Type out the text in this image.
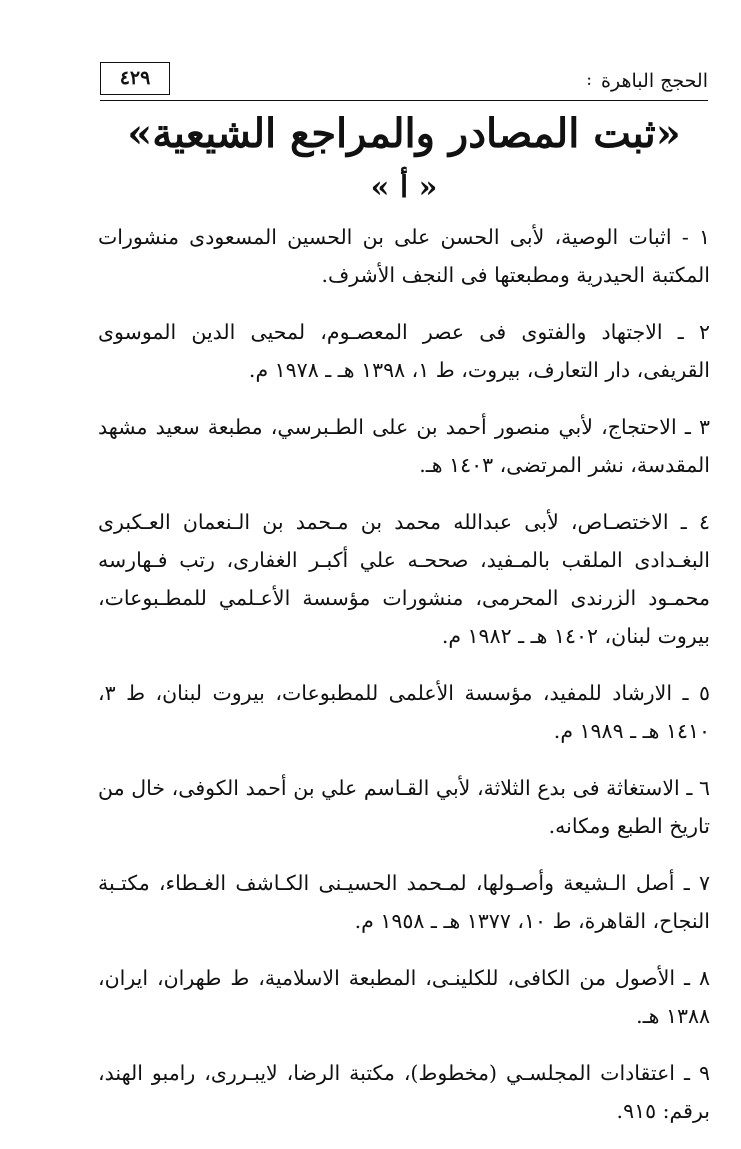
الحجج الباهرة
:
٤٢٩
«ثبت المصادر والمراجع الشيعية»
« أ »

١ - اثبات الوصية، لأبى الحسن على بن الحسين المسعودى منشورات المكتبة الحيدرية ومطبعتها فى النجف الأشرف.

٢ ـ الاجتهاد والفتوى فى عصر المعصـوم، لمحيى الدين الموسوى القريفى، دار التعارف، بيروت، ط ١، ١٣٩٨ هـ ـ ١٩٧٨ م.

٣ ـ الاحتجاج، لأبي منصور أحمد بن على الطـبرسي، مطبعة سعيد مشهد المقدسة، نشر المرتضى، ١٤٠٣ هـ.

٤ ـ الاختصـاص، لأبى عبدالله محمد بن مـحمد بن الـنعمان العـكبرى البغـدادى الملقب بالمـفيد، صححـه علي أكبـر الغفارى، رتب فـهارسه محمـود الزرندى المحرمى، منشورات مؤسسة الأعـلمي للمطـبوعات، بيروت لبنان، ١٤٠٢ هـ ـ ١٩٨٢ م.

٥ ـ الارشاد للمفيد، مؤسسة الأعلمى للمطبوعات، بيروت لبنان، ط ٣، ١٤١٠ هـ ـ ١٩٨٩ م.

٦ ـ الاستغاثة فى بدع الثلاثة، لأبي القـاسم علي بن أحمد الكوفى، خال من تاريخ الطبع ومكانه.

٧ ـ أصل الـشيعة وأصـولها، لمـحمد الحسيـنى الكـاشف الغـطاء، مكتـبة النجاح، القاهرة، ط ١٠، ١٣٧٧ هـ ـ ١٩٥٨ م.

٨ ـ الأصول من الكافى، للكلينـى، المطبعة الاسلامية، ط طهران، ايران، ١٣٨٨ هـ.

٩ ـ اعتقادات المجلسـي (مخطوط)، مكتبة الرضا، لايبـررى، رامبو الهند، برقم: ٩١٥.
